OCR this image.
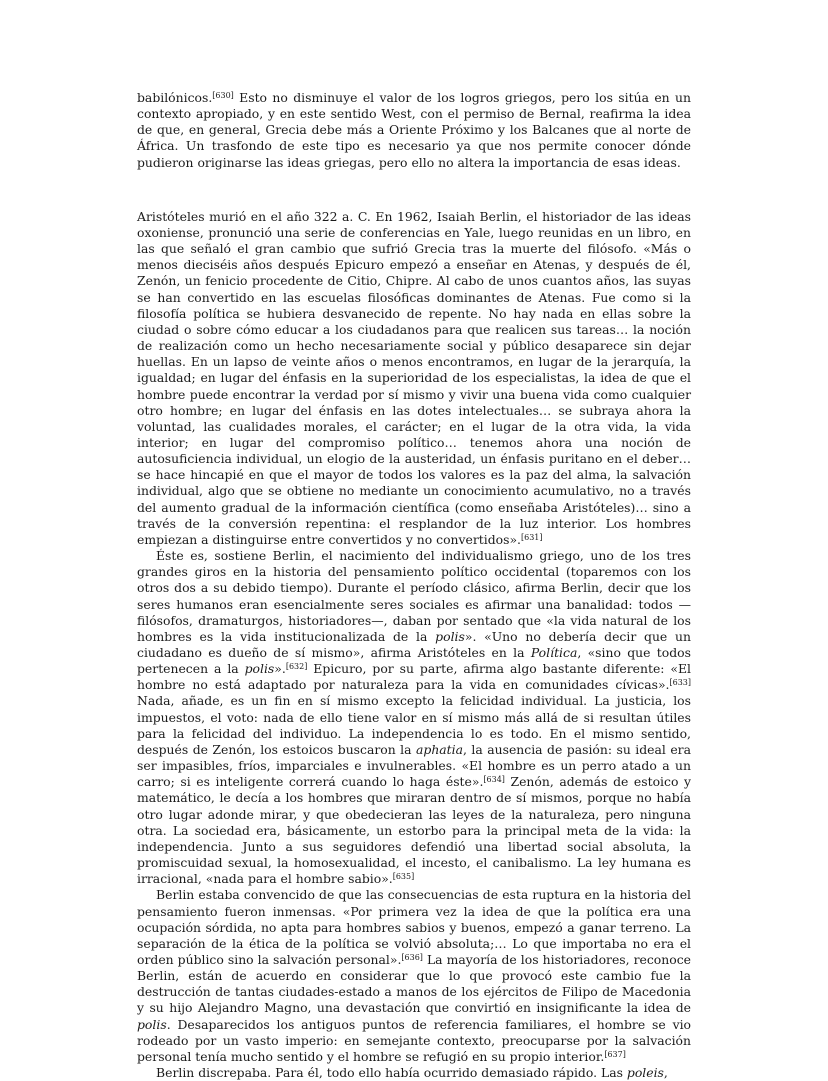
babilónicos.[630] Esto no disminuye el valor de los logros griegos, pero los sitúa en un contexto apropiado, y en este sentido West, con el permiso de Bernal, reafirma la idea de que, en general, Grecia debe más a Oriente Próximo y los Balcanes que al norte de África. Un trasfondo de este tipo es necesario ya que nos permite conocer dónde pudieron originarse las ideas griegas, pero ello no altera la importancia de esas ideas.

Aristóteles murió en el año 322 a. C. En 1962, Isaiah Berlin, el historiador de las ideas oxoniense, pronunció una serie de conferencias en Yale, luego reunidas en un libro, en las que señaló el gran cambio que sufrió Grecia tras la muerte del filósofo. «Más o menos dieciséis años después Epicuro empezó a enseñar en Atenas, y después de él, Zenón, un fenicio procedente de Citio, Chipre. Al cabo de unos cuantos años, las suyas se han convertido en las escuelas filosóficas dominantes de Atenas. Fue como si la filosofía política se hubiera desvanecido de repente. No hay nada en ellas sobre la ciudad o sobre cómo educar a los ciudadanos para que realicen sus tareas… la noción de realización como un hecho necesariamente social y público desaparece sin dejar huellas. En un lapso de veinte años o menos encontramos, en lugar de la jerarquía, la igualdad; en lugar del énfasis en la superioridad de los especialistas, la idea de que el hombre puede encontrar la verdad por sí mismo y vivir una buena vida como cualquier otro hombre; en lugar del énfasis en las dotes intelectuales… se subraya ahora la voluntad, las cualidades morales, el carácter; en el lugar de la otra vida, la vida interior; en lugar del compromiso político… tenemos ahora una noción de autosuficiencia individual, un elogio de la austeridad, un énfasis puritano en el deber… se hace hincapié en que el mayor de todos los valores es la paz del alma, la salvación individual, algo que se obtiene no mediante un conocimiento acumulativo, no a través del aumento gradual de la información científica (como enseñaba Aristóteles)… sino a través de la conversión repentina: el resplandor de la luz interior. Los hombres empiezan a distinguirse entre convertidos y no convertidos».[631]

Éste es, sostiene Berlin, el nacimiento del individualismo griego, uno de los tres grandes giros en la historia del pensamiento político occidental (toparemos con los otros dos a su debido tiempo). Durante el período clásico, afirma Berlin, decir que los seres humanos eran esencialmente seres sociales es afirmar una banalidad: todos —filósofos, dramaturgos, historiadores—, daban por sentado que «la vida natural de los hombres es la vida institucionalizada de la polis». «Uno no debería decir que un ciudadano es dueño de sí mismo», afirma Aristóteles en la Política, «sino que todos pertenecen a la polis».[632] Epicuro, por su parte, afirma algo bastante diferente: «El hombre no está adaptado por naturaleza para la vida en comunidades cívicas».[633] Nada, añade, es un fin en sí mismo excepto la felicidad individual. La justicia, los impuestos, el voto: nada de ello tiene valor en sí mismo más allá de si resultan útiles para la felicidad del individuo. La independencia lo es todo. En el mismo sentido, después de Zenón, los estoicos buscaron la aphatia, la ausencia de pasión: su ideal era ser impasibles, fríos, imparciales e invulnerables. «El hombre es un perro atado a un carro; si es inteligente correrá cuando lo haga éste».[634] Zenón, además de estoico y matemático, le decía a los hombres que miraran dentro de sí mismos, porque no había otro lugar adonde mirar, y que obedecieran las leyes de la naturaleza, pero ninguna otra. La sociedad era, básicamente, un estorbo para la principal meta de la vida: la independencia. Junto a sus seguidores defendió una libertad social absoluta, la promiscuidad sexual, la homosexualidad, el incesto, el canibalismo. La ley humana es irracional, «nada para el hombre sabio».[635]

Berlin estaba convencido de que las consecuencias de esta ruptura en la historia del pensamiento fueron inmensas. «Por primera vez la idea de que la política era una ocupación sórdida, no apta para hombres sabios y buenos, empezó a ganar terreno. La separación de la ética de la política se volvió absoluta;… Lo que importaba no era el orden público sino la salvación personal».[636] La mayoría de los historiadores, reconoce Berlin, están de acuerdo en considerar que lo que provocó este cambio fue la destrucción de tantas ciudades-estado a manos de los ejércitos de Filipo de Macedonia y su hijo Alejandro Magno, una devastación que convirtió en insignificante la idea de polis. Desaparecidos los antiguos puntos de referencia familiares, el hombre se vio rodeado por un vasto imperio: en semejante contexto, preocuparse por la salvación personal tenía mucho sentido y el hombre se refugió en su propio interior.[637]

Berlin discrepaba. Para él, todo ello había ocurrido demasiado rápido. Las poleis,
